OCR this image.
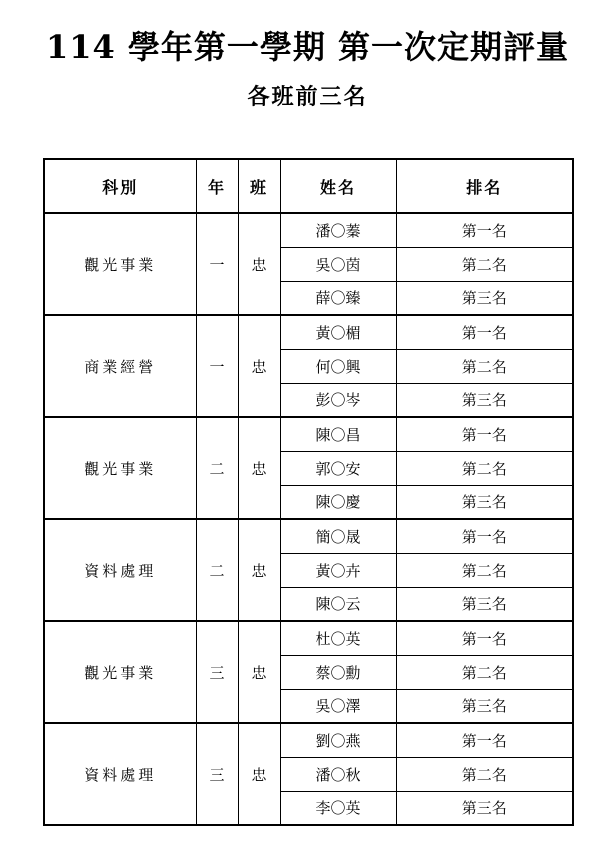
114 學年第一學期 第一次定期評量
各班前三名
科別	年	班	姓名	排名
觀光事業	一	忠	潘〇蓁	第一名
			吳〇茵	第二名
			薛〇臻	第三名
商業經營	一	忠	黃〇楣	第一名
			何〇興	第二名
			彭〇岑	第三名
觀光事業	二	忠	陳〇昌	第一名
			郭〇安	第二名
			陳〇慶	第三名
資料處理	二	忠	簡〇晟	第一名
			黃〇卉	第二名
			陳〇云	第三名
觀光事業	三	忠	杜〇英	第一名
			蔡〇勳	第二名
			吳〇澤	第三名
資料處理	三	忠	劉〇燕	第一名
			潘〇秋	第二名
			李〇英	第三名
